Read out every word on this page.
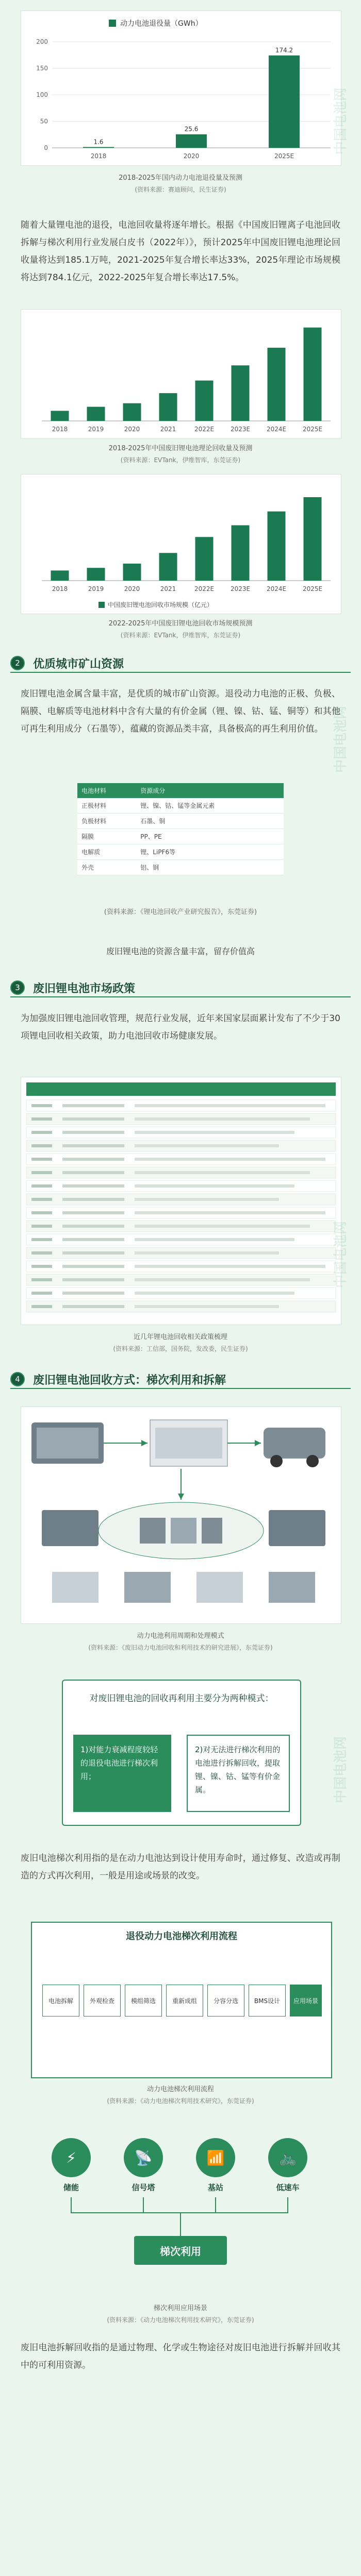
动力电池退役量（GWh）
0
50
100
150
200
1.6
2018
25.6
2020
174.2
2025E
2018-2025年国内动力电池退役量及预测
(资料来源：赛迪顾问，民生证券)
随着大量锂电池的退役，电池回收量将逐年增长。根据《中国废旧锂离子电池回收拆解与梯次利用行业发展白皮书（2022年）》，预计2025年中国废旧锂电池理论回收量将达到185.1万吨，2021-2025年复合增长率达33%，2025年理论市场规模将达到784.1亿元，2022-2025年复合增长率达17.5%。
2018	2019	2020	2021	2022E	2023E	2024E	2025E
2018-2025年中国废旧锂电池理论回收量及预测
(资料来源：EVTank，伊维智库，东莞证券)
2018	2019	2020	2021	2022E	2023E	2024E	2025E
中国废旧锂电池回收市场规模（亿元）
2022-2025年中国废旧锂电池回收市场规模预测
(资料来源：EVTank，伊维智库，东莞证券)
2	优质城市矿山资源
废旧锂电池金属含量丰富，是优质的城市矿山资源。退役动力电池的正极、负极、隔膜、电解质等电池材料中含有大量的有价金属（锂、镍、钴、锰、铜等）和其他可再生利用成分（石墨等），蕴藏的资源品类丰富，具备极高的再生利用价值。
电池材料	资源成分
正极材料	锂、镍、钴、锰等金属元素
负极材料	石墨、铜
隔膜	PP、PE
电解质	锂、LiPF6等
外壳	铝、钢
(资料来源：《锂电池回收产业研究报告》，东莞证券)
废旧锂电池的资源含量丰富，留存价值高
3	废旧锂电池市场政策
为加强废旧锂电池回收管理，规范行业发展，近年来国家层面累计发布了不少于30项锂电回收相关政策，助力电池回收市场健康发展。
近几年锂电池回收相关政策梳理
(资料来源：工信部，国务院，发改委，民生证券)
4	废旧锂电池回收方式：梯次利用和拆解
动力电池利用周期和处理模式
(资料来源：《废旧动力电池回收和利用技术的研究进展》，东莞证券)
对废旧锂电池的回收再利用主要分为两种模式：
1)对能力衰减程度较轻的退役电池进行梯次利用；
2)对无法进行梯次利用的电池进行拆解回收，提取锂、镍、钴、锰等有价金属。
废旧电池梯次利用指的是在动力电池达到设计使用寿命时，通过修复、改造或再制造的方式再次利用，一般是用途或场景的改变。
退役动力电池梯次利用流程
电池拆解	外观检查	模组筛选	重新成组	分容分选	BMS设计	应用场景
动力电池梯次利用流程
(资料来源：《动力电池梯次利用技术研究》，东莞证券)
⚡
储能
📡
信号塔
📶
基站
🚲
低速车
梯次利用
梯次利用应用场景
(资料来源：《动力电池梯次利用技术研究》，东莞证券)
废旧电池拆解回收指的是通过物理、化学或生物途径对废旧电池进行拆解并回收其中的可利用资源。
中国电池网
中国电池网
中国电池网
中国电池网
